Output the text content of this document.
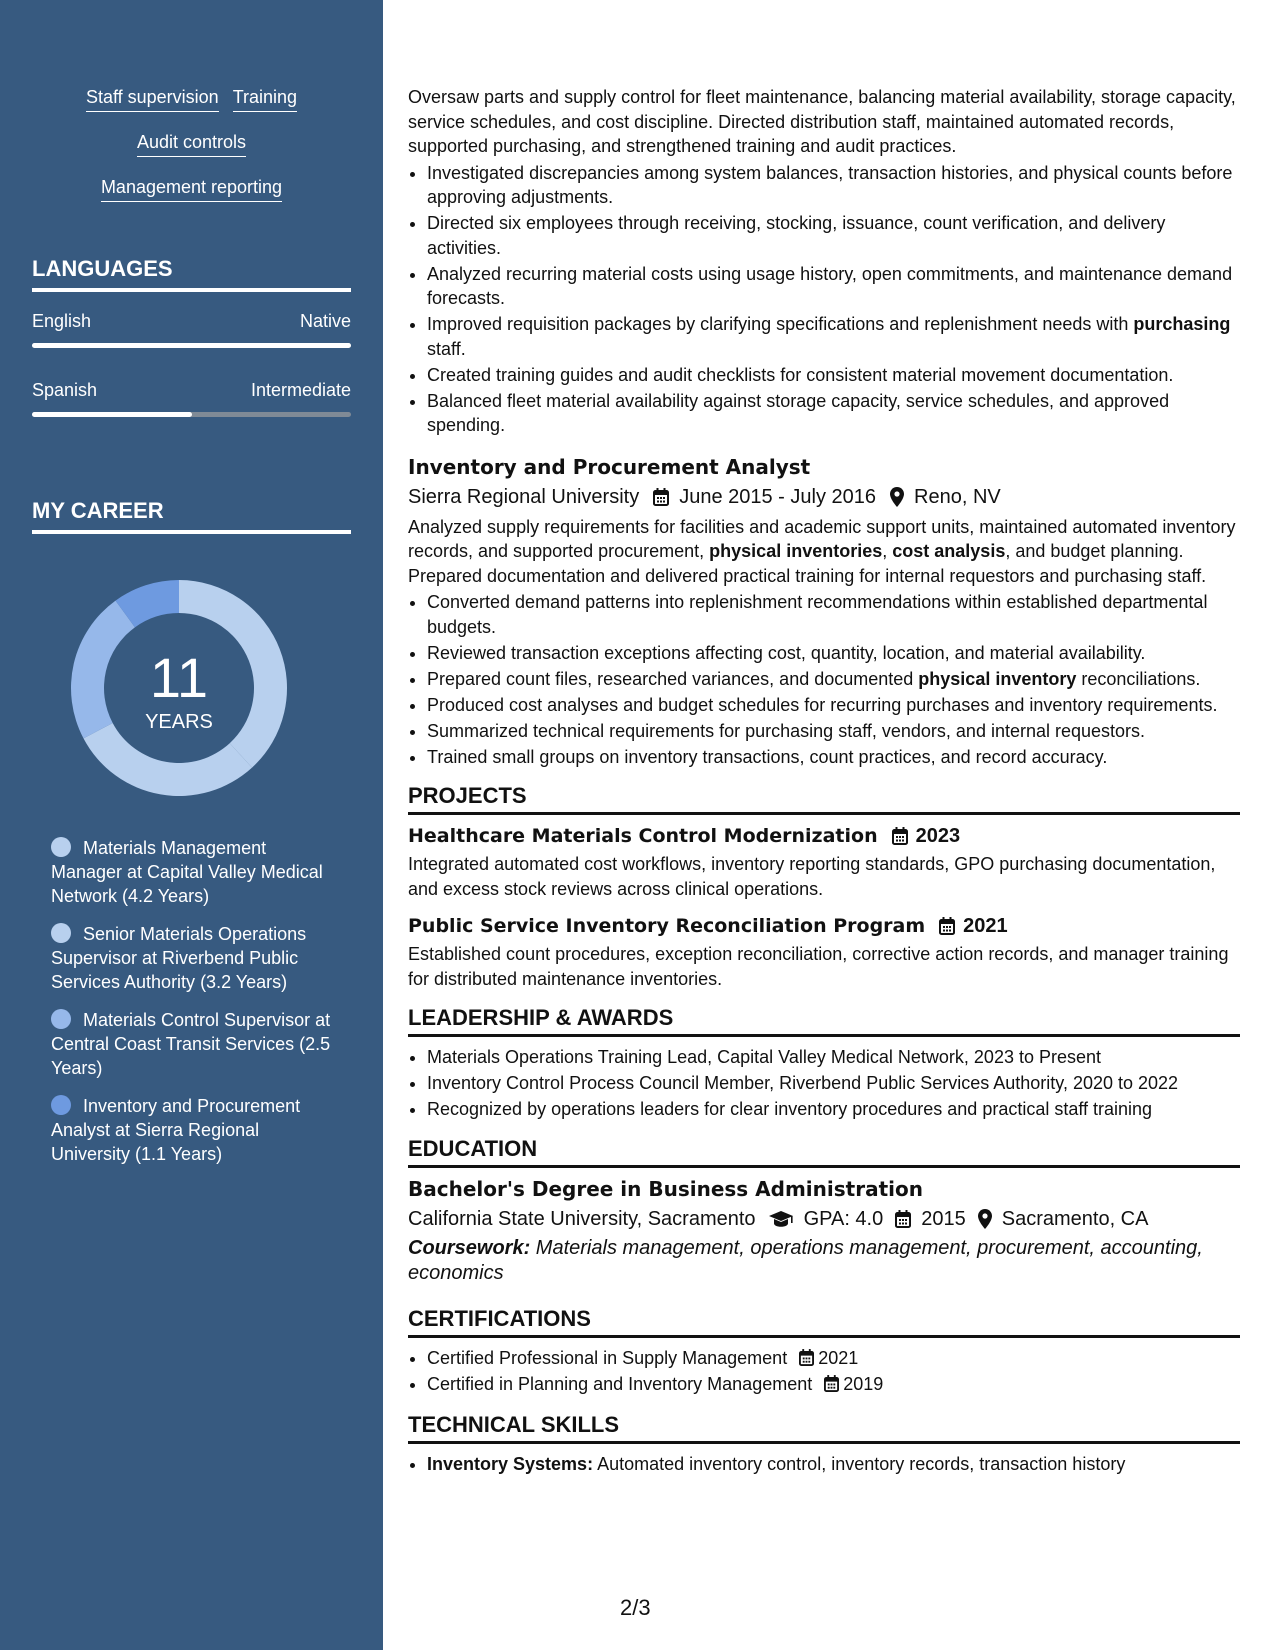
Staff supervision Training
Audit controls
Management reporting
LANGUAGES
English	Native
Spanish	Intermediate
MY CAREER
11
YEARS
Materials Management Manager at Capital Valley Medical Network (4.2 Years)
Senior Materials Operations Supervisor at Riverbend Public Services Authority (3.2 Years)
Materials Control Supervisor at Central Coast Transit Services (2.5 Years)
Inventory and Procurement Analyst at Sierra Regional University (1.1 Years)

Oversaw parts and supply control for fleet maintenance, balancing material availability, storage capacity, service schedules, and cost discipline. Directed distribution staff, maintained automated records, supported purchasing, and strengthened training and audit practices.

• Investigated discrepancies among system balances, transaction histories, and physical counts before approving adjustments.
• Directed six employees through receiving, stocking, issuance, count verification, and delivery activities.
• Analyzed recurring material costs using usage history, open commitments, and maintenance demand forecasts.
• Improved requisition packages by clarifying specifications and replenishment needs with purchasing staff.
• Created training guides and audit checklists for consistent material movement documentation.
• Balanced fleet material availability against storage capacity, service schedules, and approved spending.
Inventory and Procurement Analyst
Sierra Regional University June 2015 - July 2016 Reno, NV

Analyzed supply requirements for facilities and academic support units, maintained automated inventory records, and supported procurement, physical inventories, cost analysis, and budget planning. Prepared documentation and delivered practical training for internal requestors and purchasing staff.

• Converted demand patterns into replenishment recommendations within established departmental budgets.
• Reviewed transaction exceptions affecting cost, quantity, location, and material availability.
• Prepared count files, researched variances, and documented physical inventory reconciliations.
• Produced cost analyses and budget schedules for recurring purchases and inventory requirements.
• Summarized technical requirements for purchasing staff, vendors, and internal requestors.
• Trained small groups on inventory transactions, count practices, and record accuracy.
PROJECTS
Healthcare Materials Control Modernization 2023

Integrated automated cost workflows, inventory reporting standards, GPO purchasing documentation, and excess stock reviews across clinical operations.

Public Service Inventory Reconciliation Program 2021

Established count procedures, exception reconciliation, corrective action records, and manager training for distributed maintenance inventories.

LEADERSHIP & AWARDS
• Materials Operations Training Lead, Capital Valley Medical Network, 2023 to Present
• Inventory Control Process Council Member, Riverbend Public Services Authority, 2020 to 2022
• Recognized by operations leaders for clear inventory procedures and practical staff training
EDUCATION
Bachelor's Degree in Business Administration
California State University, Sacramento GPA: 4.0 2015 Sacramento, CA
Coursework: Materials management, operations management, procurement, accounting, economics
CERTIFICATIONS
• Certified Professional in Supply Management 2021
• Certified in Planning and Inventory Management 2019
TECHNICAL SKILLS
• Inventory Systems: Automated inventory control, inventory records, transaction history
2/3
